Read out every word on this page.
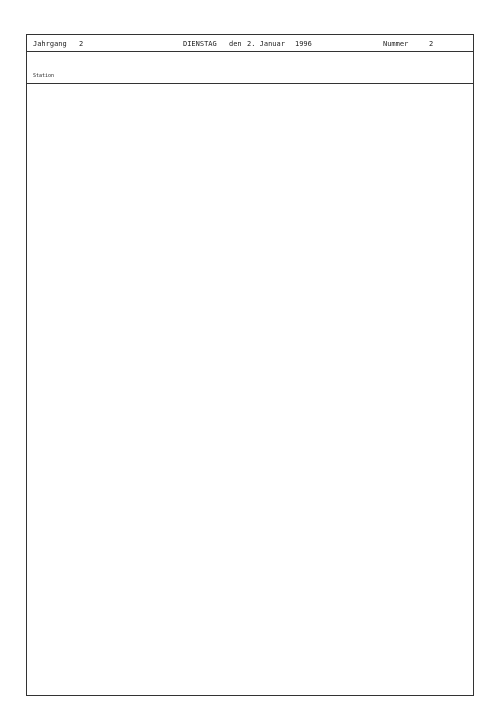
Jahrgang 2	DIENSTAG den 2. Januar 1996	Nummer	2
Station
